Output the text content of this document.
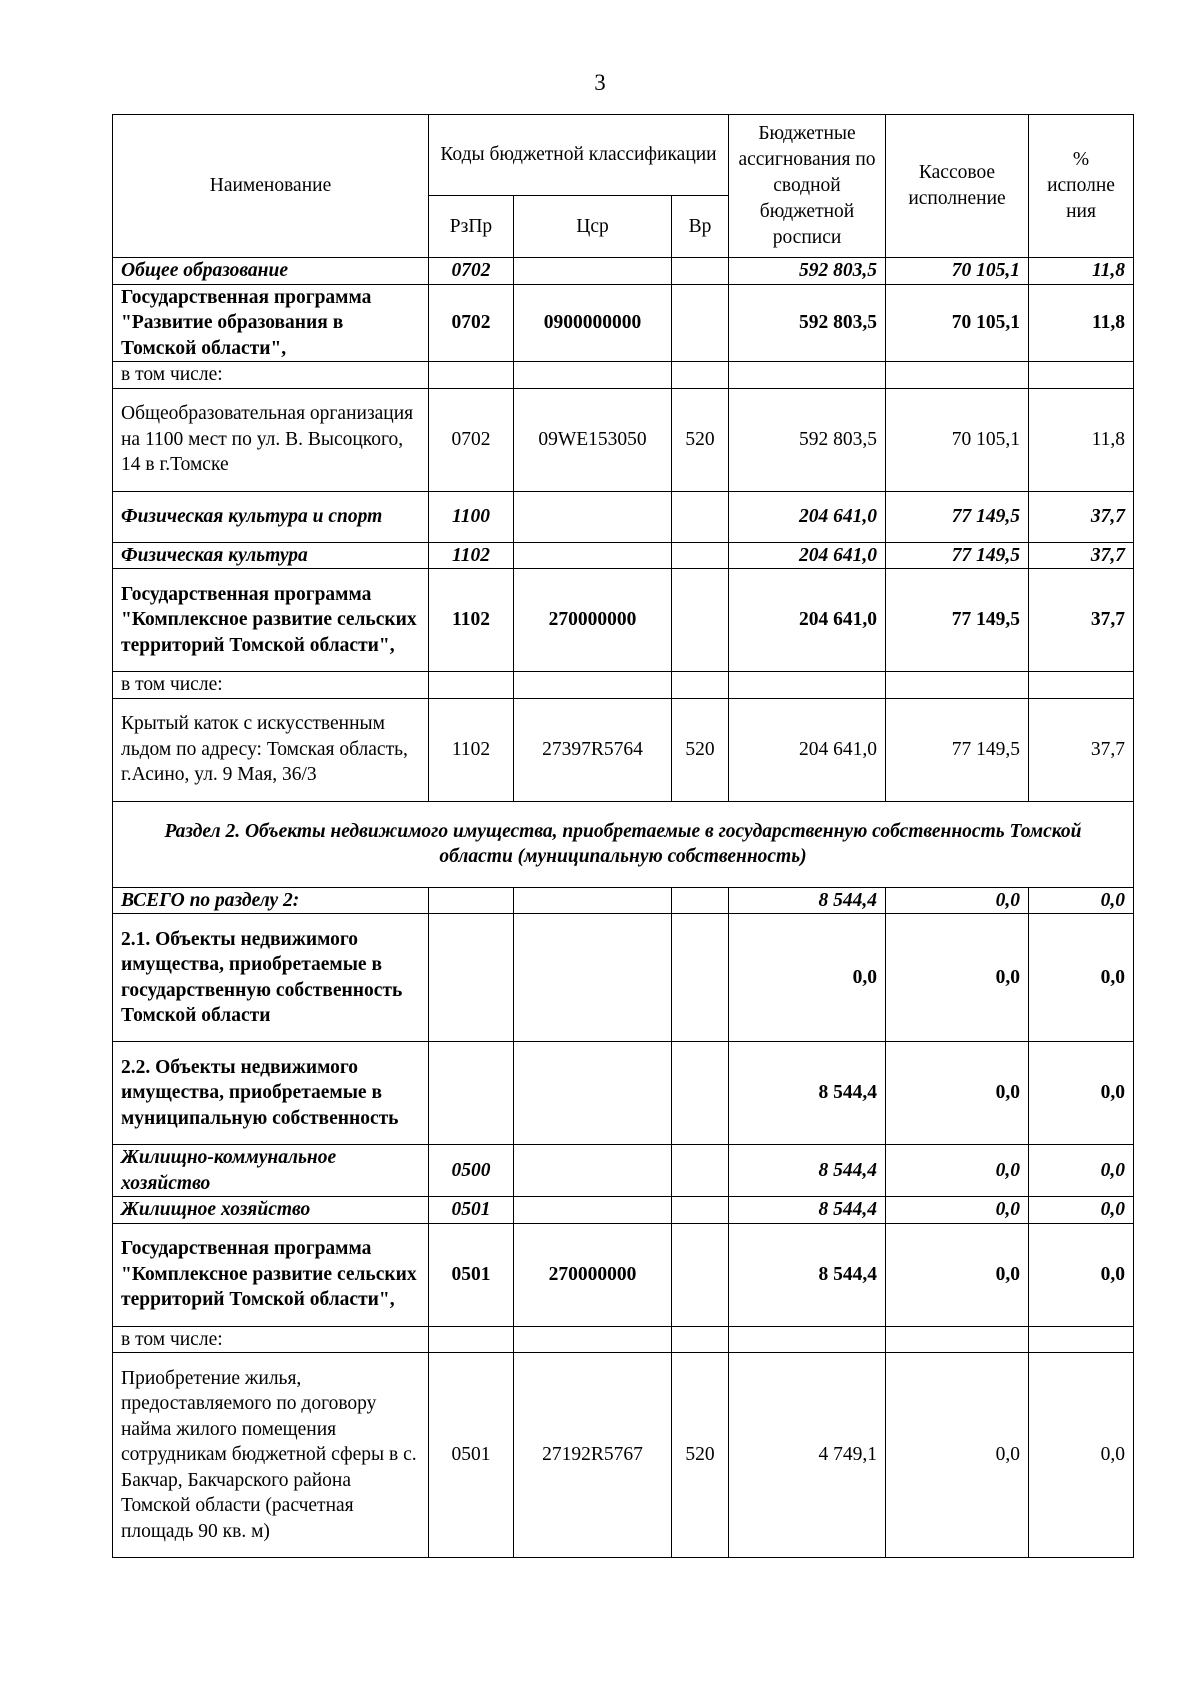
3
Наименование	Коды бюджетной классификации			Бюджетные ассигнования по сводной бюджетной росписи	Кассовое исполнение	% исполне ния
	РзПр	Цср	Вр			
Общее образование	0702			592 803,5	70 105,1	11,8
Государственная программа "Развитие образования в Томской области",	0702	0900000000		592 803,5	70 105,1	11,8
в том числе:						
Общеобразовательная организация на 1100 мест по ул. В. Высоцкого, 14 в г.Томске	0702	09WE153050	520	592 803,5	70 105,1	11,8
Физическая культура и спорт	1100			204 641,0	77 149,5	37,7
Физическая культура	1102			204 641,0	77 149,5	37,7
Государственная программа "Комплексное развитие сельских территорий Томской области",	1102	270000000		204 641,0	77 149,5	37,7
в том числе:						
Крытый каток с искусственным льдом по адресу: Томская область, г.Асино, ул. 9 Мая, 36/3	1102	27397R5764	520	204 641,0	77 149,5	37,7
Раздел 2. Объекты недвижимого имущества, приобретаемые в государственную собственность Томской области (муниципальную собственность)						
ВСЕГО по разделу 2:				8 544,4	0,0	0,0
2.1. Объекты недвижимого имущества, приобретаемые в государственную собственность Томской области				0,0	0,0	0,0
2.2. Объекты недвижимого имущества, приобретаемые в муниципальную собственность				8 544,4	0,0	0,0
Жилищно-коммунальное хозяйство	0500			8 544,4	0,0	0,0
Жилищное хозяйство	0501			8 544,4	0,0	0,0
Государственная программа "Комплексное развитие сельских территорий Томской области",	0501	270000000		8 544,4	0,0	0,0
в том числе:						
Приобретение жилья, предоставляемого по договору найма жилого помещения сотрудникам бюджетной сферы в с. Бакчар, Бакчарского района Томской области (расчетная площадь 90 кв. м)	0501	27192R5767	520	4 749,1	0,0	0,0
